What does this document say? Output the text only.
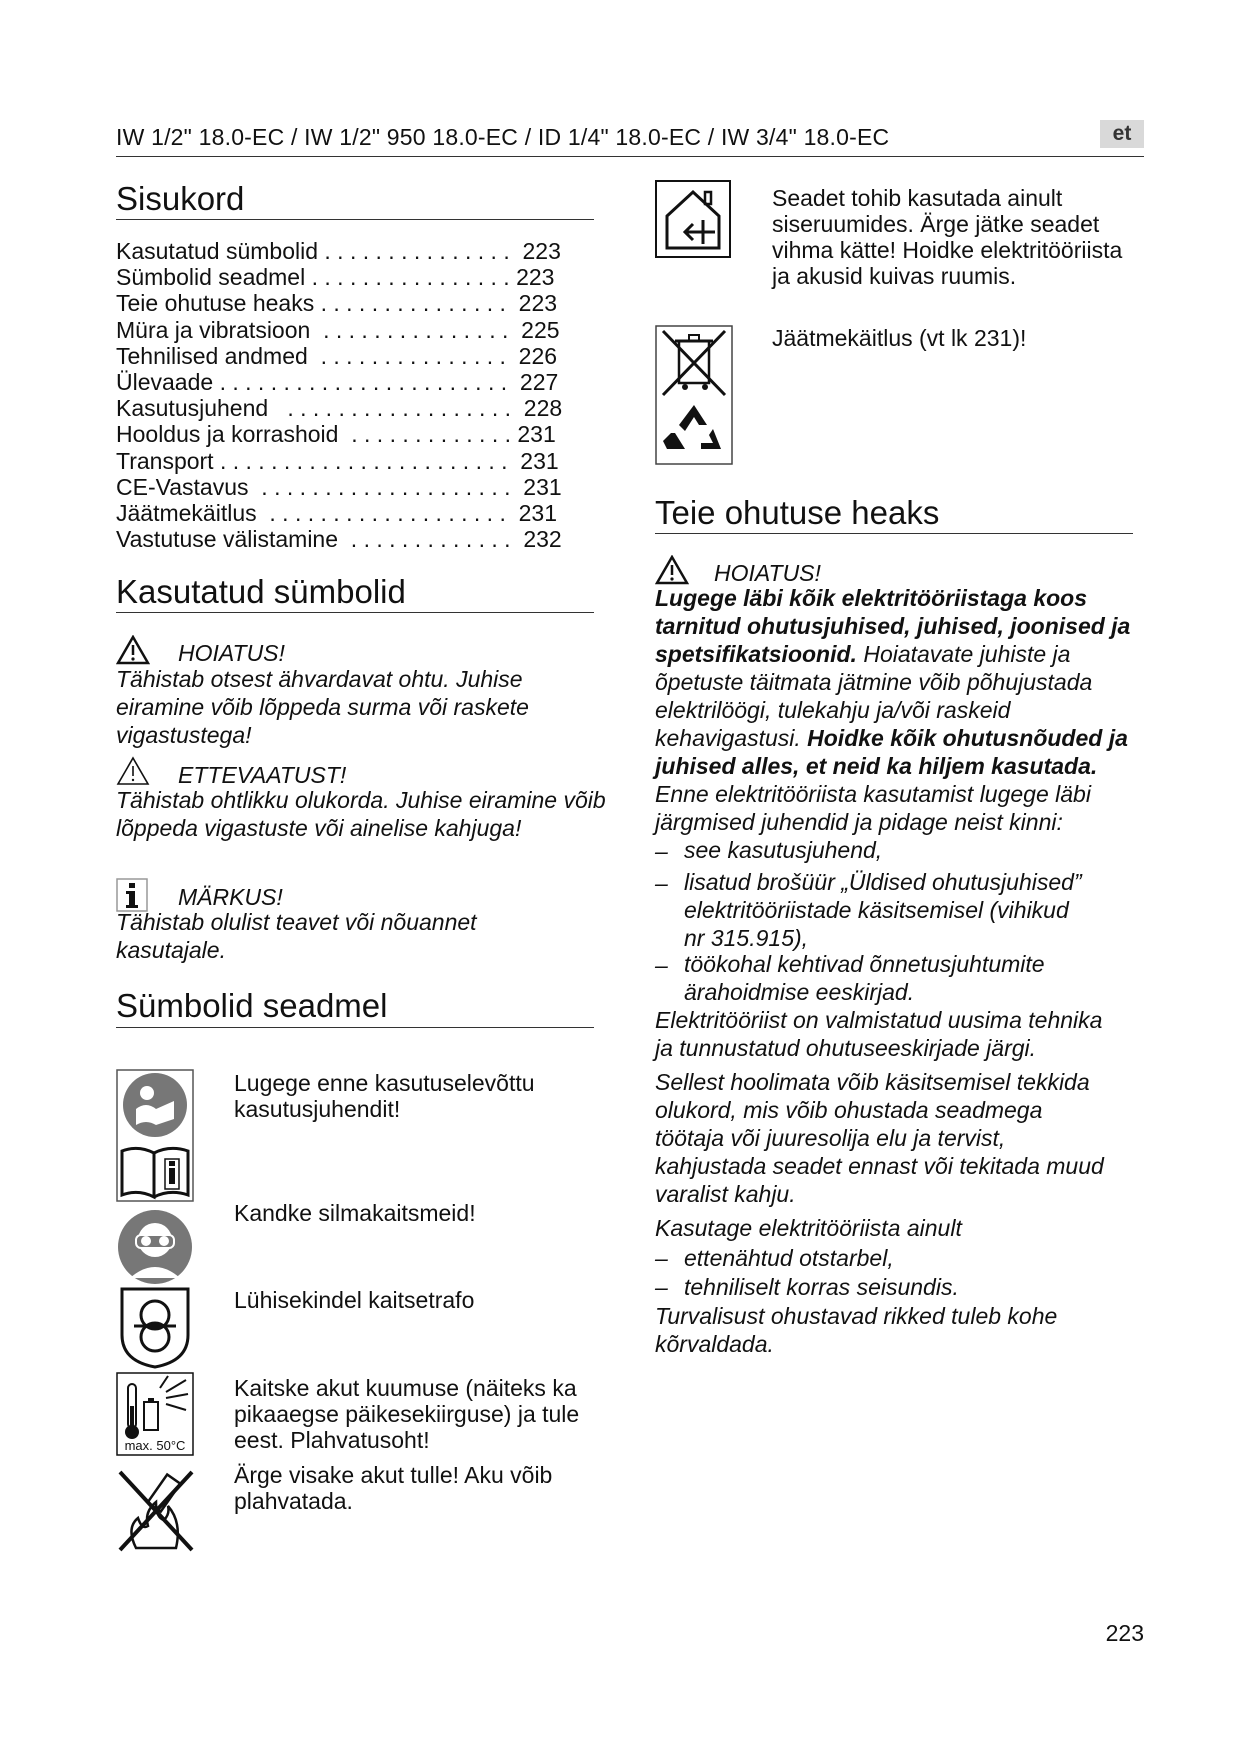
IW 1/2" 18.0-EC / IW 1/2" 950 18.0-EC / ID 1/4" 18.0-EC / IW 3/4" 18.0-EC	et
Sisukord
Kasutatud sümbolid . . . . . . . . . . . . . . .  223
Sümbolid seadmel . . . . . . . . . . . . . . . . 223
Teie ohutuse heaks . . . . . . . . . . . . . . .  223
Müra ja vibratsioon  . . . . . . . . . . . . . . .  225
Tehnilised andmed  . . . . . . . . . . . . . . .  226
Ülevaade . . . . . . . . . . . . . . . . . . . . . . .  227
Kasutusjuhend   . . . . . . . . . . . . . . . . . .  228
Hooldus ja korrashoid  . . . . . . . . . . . . . 231
Transport . . . . . . . . . . . . . . . . . . . . . . .  231
CE-Vastavus  . . . . . . . . . . . . . . . . . . . .  231
Jäätmekäitlus  . . . . . . . . . . . . . . . . . . .  231
Vastutuse välistamine  . . . . . . . . . . . . .  232
Kasutatud sümbolid
HOIATUS!
Tähistab otsest ähvardavat ohtu. Juhise eiramine võib lõppeda surma või raskete vigastustega!
ETTEVAATUST!
Tähistab ohtlikku olukorda. Juhise eiramine võib lõppeda vigastuste või ainelise kahjuga!
MÄRKUS!
Tähistab olulist teavet või nõuannet kasutajale.
Sümbolid seadmel
Lugege enne kasutuselevõttu kasutusjuhendit!
Kandke silmakaitsmeid!
Lühisekindel kaitsetrafo
max. 50°C
Kaitske akut kuumuse (näiteks ka pikaaegse päikesekiirguse) ja tule eest. Plahvatusoht!
Ärge visake akut tulle! Aku võib plahvatada.
Seadet tohib kasutada ainult siseruumides. Ärge jätke seadet vihma kätte! Hoidke elektritööriista ja akusid kuivas ruumis.
Jäätmekäitlus (vt lk 231)!
Teie ohutuse heaks
HOIATUS!
Lugege läbi kõik elektritööriistaga koos
tarnitud ohutusjuhised, juhised, joonised ja
spetsifikatsioonid. Hoiatavate juhiste ja
õpetuste täitmata jätmine võib põhujustada
elektrilöögi, tulekahju ja/või raskeid
kehavigastusi. Hoidke kõik ohutusnõuded ja
juhised alles, et neid ka hiljem kasutada.
Enne elektritööriista kasutamist lugege läbi
järgmised juhendid ja pidage neist kinni:
– see kasutusjuhend,
– lisatud brošüür „Üldised ohutusjuhised”
elektritööriistade käsitsemisel (vihikud
nr 315.915),
– töökohal kehtivad õnnetusjuhtumite
ärahoidmise eeskirjad.
Elektritööriist on valmistatud uusima tehnika
ja tunnustatud ohutuseeskirjade järgi.
Sellest hoolimata võib käsitsemisel tekkida
olukord, mis võib ohustada seadmega
töötaja või juuresolija elu ja tervist,
kahjustada seadet ennast või tekitada muud
varalist kahju.
Kasutage elektritööriista ainult
– ettenähtud otstarbel,
– tehniliselt korras seisundis.
Turvalisust ohustavad rikked tuleb kohe
kõrvaldada.
223
